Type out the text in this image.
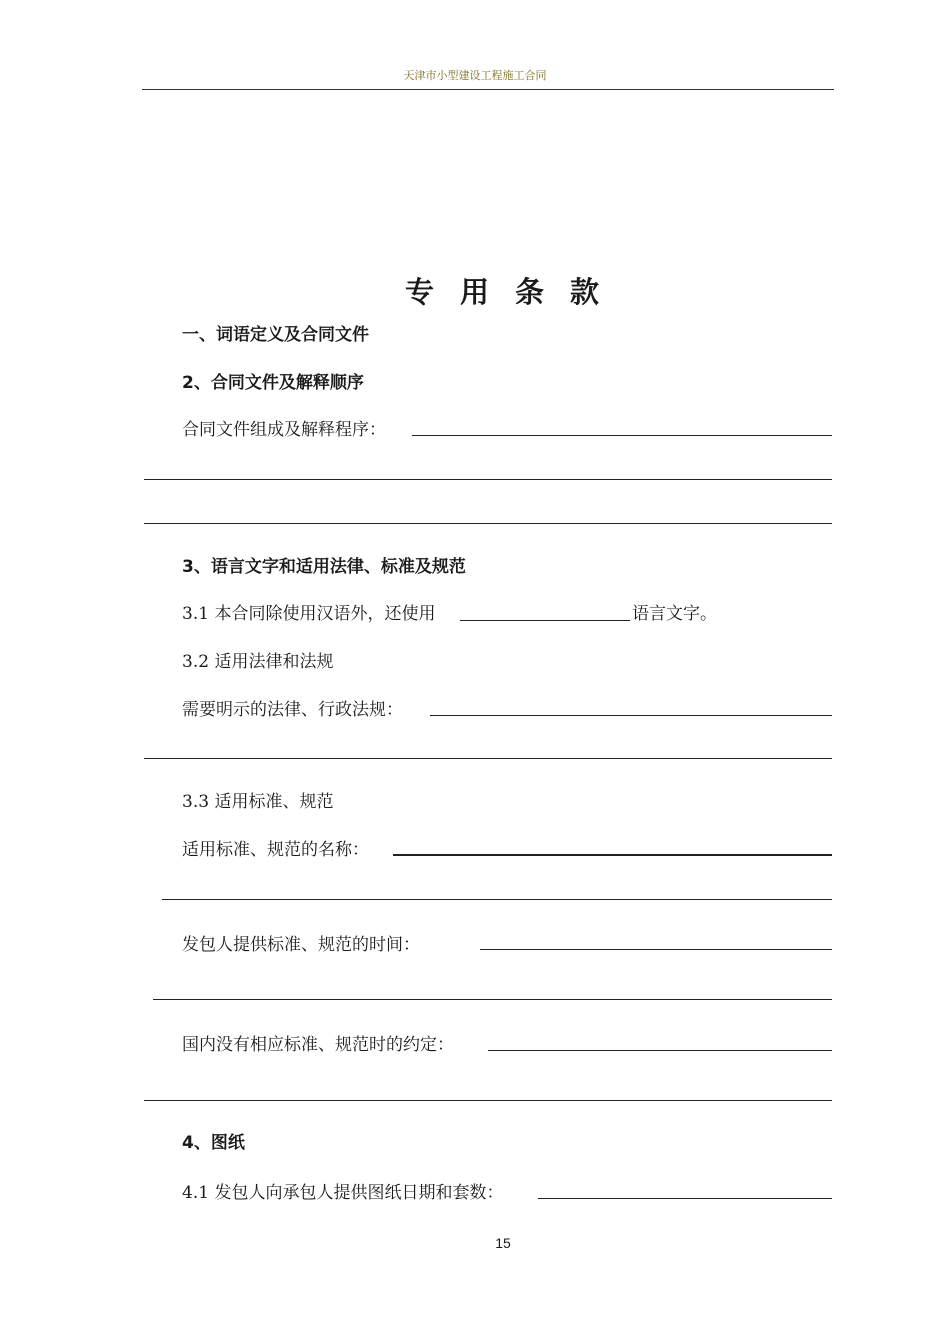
天津市小型建设工程施工合同
专用条款
一、词语定义及合同文件
2、合同文件及解释顺序
合同文件组成及解释程序：
3、语言文字和适用法律、标准及规范
3.1 本合同除使用汉语外，还使用	语言文字。
3.2 适用法律和法规
需要明示的法律、行政法规：
3.3 适用标准、规范
适用标准、规范的名称：
发包人提供标准、规范的时间：
国内没有相应标准、规范时的约定：
4、图纸
4.1 发包人向承包人提供图纸日期和套数：
15
